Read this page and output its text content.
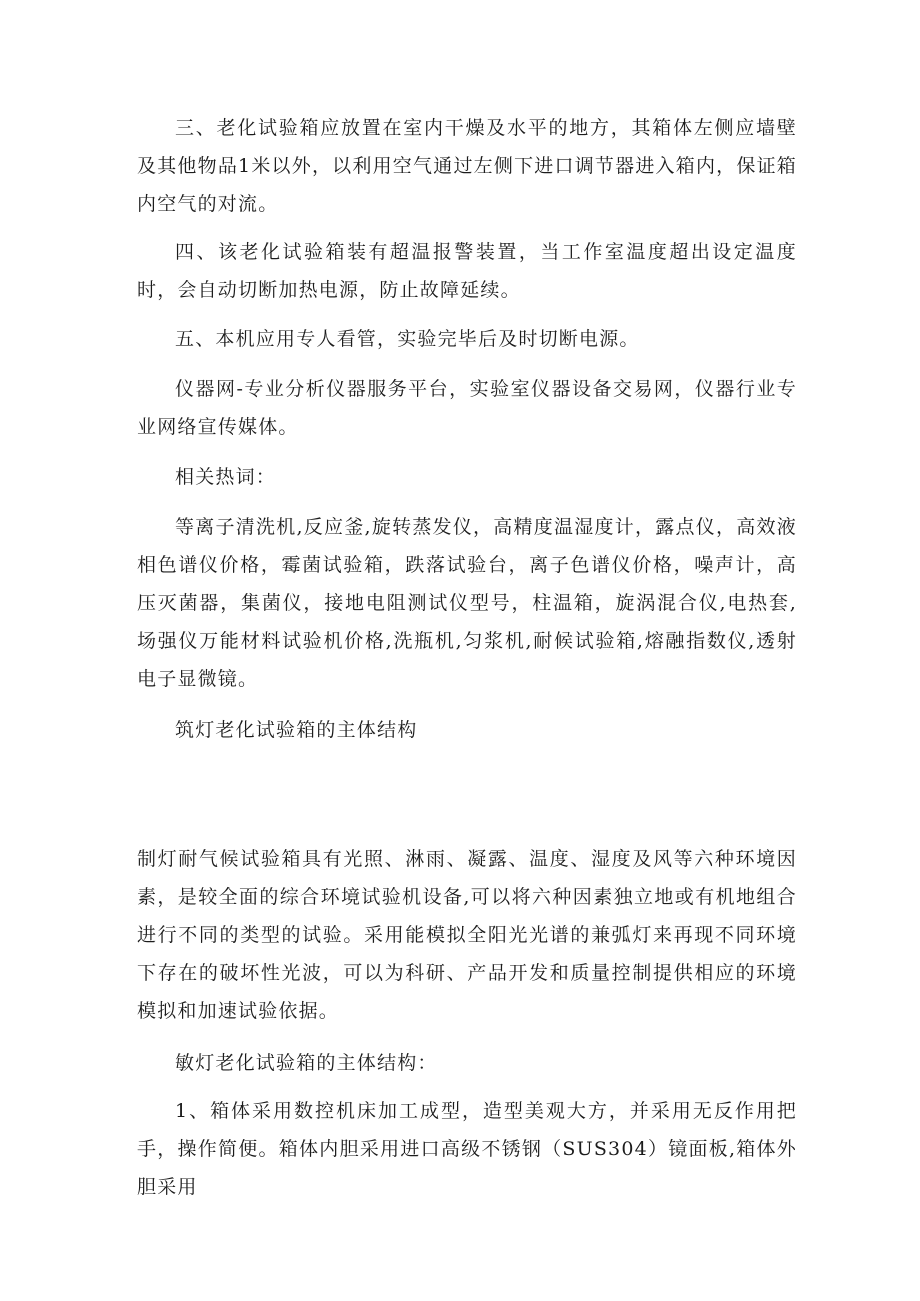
三、老化试验箱应放置在室内干燥及水平的地方，其箱体左侧应墙壁及其他物品1米以外，以利用空气通过左侧下进口调节器进入箱内，保证箱内空气的对流。

四、该老化试验箱装有超温报警装置，当工作室温度超出设定温度时，会自动切断加热电源，防止故障延续。

五、本机应用专人看管，实验完毕后及时切断电源。

仪器网-专业分析仪器服务平台，实验室仪器设备交易网，仪器行业专业网络宣传媒体。

相关热词：

等离子清洗机,反应釜,旋转蒸发仪，高精度温湿度计，露点仪，高效液相色谱仪价格，霉菌试验箱，跌落试验台，离子色谱仪价格，噪声计，高压灭菌器，集菌仪，接地电阻测试仪型号，柱温箱，旋涡混合仪,电热套,场强仪万能材料试验机价格,洗瓶机,匀浆机,耐候试验箱,熔融指数仪,透射电子显微镜。

筑灯老化试验箱的主体结构

制灯耐气候试验箱具有光照、淋雨、凝露、温度、湿度及风等六种环境因素，是较全面的综合环境试验机设备,可以将六种因素独立地或有机地组合进行不同的类型的试验。采用能模拟全阳光光谱的兼弧灯来再现不同环境下存在的破坏性光波，可以为科研、产品开发和质量控制提供相应的环境模拟和加速试验依据。

敏灯老化试验箱的主体结构：

1、箱体采用数控机床加工成型，造型美观大方，并采用无反作用把手，操作简便。箱体内胆采用进口高级不锈钢（SUS304）镜面板,箱体外胆采用
